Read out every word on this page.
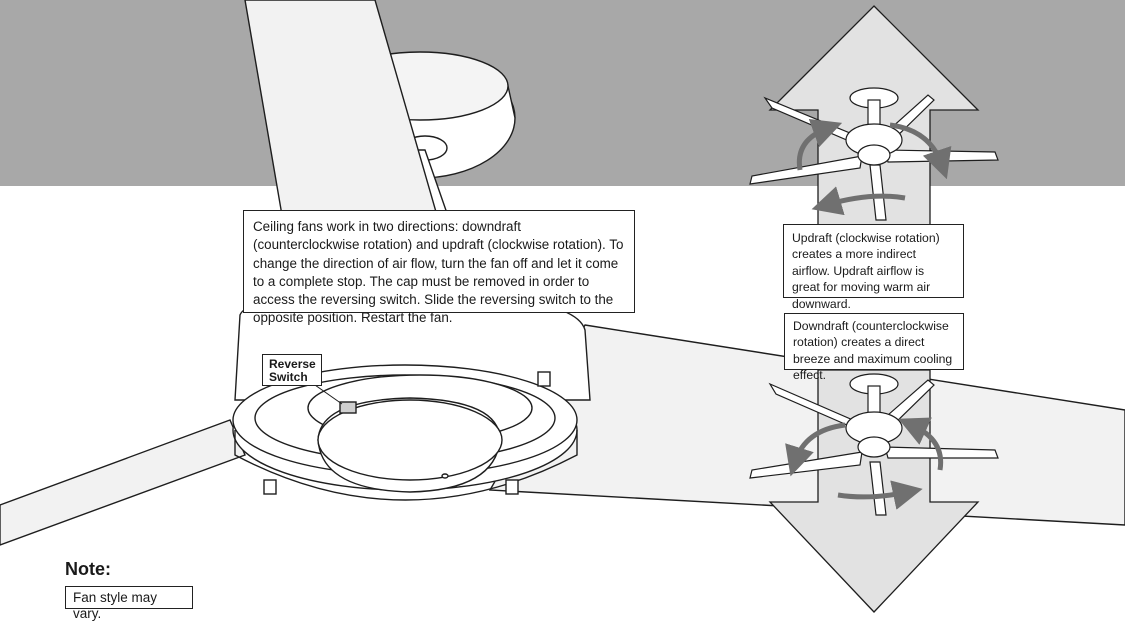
Ceiling fans work in two directions: downdraft (counterclockwise rotation) and updraft (clockwise rotation). To change the direction of air flow, turn the fan off and let it come to a complete stop. The cap must be removed in order to access the reversing switch. Slide the reversing switch to the opposite position. Restart the fan.
Reverse Switch
Updraft (clockwise rotation) creates a more indirect airflow. Updraft airflow is great for moving warm air downward.
Downdraft (counterclockwise rotation) creates a direct breeze and maximum cooling effect.
Note:
Fan style may vary.
